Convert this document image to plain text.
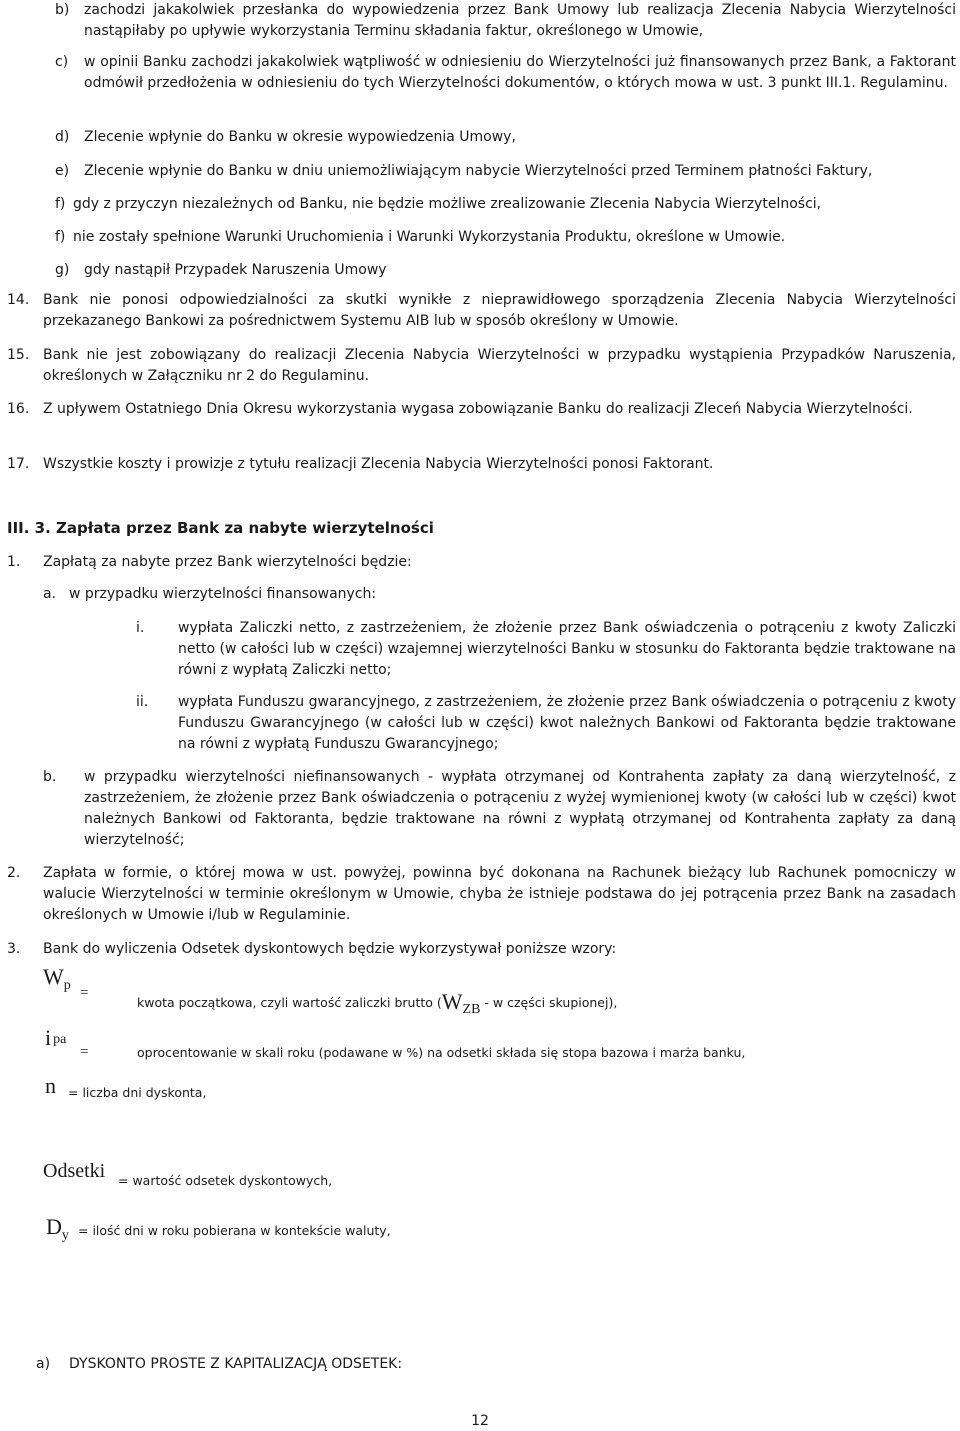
b) zachodzi jakakolwiek przesłanka do wypowiedzenia przez Bank Umowy lub realizacja Zlecenia Nabycia Wierzytelności nastąpiłaby po upływie wykorzystania Terminu składania faktur, określonego w Umowie,
c) w opinii Banku zachodzi jakakolwiek wątpliwość w odniesieniu do Wierzytelności już finansowanych przez Bank, a Faktorant odmówił przedłożenia w odniesieniu do tych Wierzytelności dokumentów, o których mowa w ust. 3 punkt III.1. Regulaminu.
d) Zlecenie wpłynie do Banku w okresie wypowiedzenia Umowy,
e) Zlecenie wpłynie do Banku w dniu uniemożliwiającym nabycie Wierzytelności przed Terminem płatności Faktury,
f) gdy z przyczyn niezależnych od Banku, nie będzie możliwe zrealizowanie Zlecenia Nabycia Wierzytelności,
f) nie zostały spełnione Warunki Uruchomienia i Warunki Wykorzystania Produktu, określone w Umowie.
g) gdy nastąpił Przypadek Naruszenia Umowy
14. Bank nie ponosi odpowiedzialności za skutki wynikłe z nieprawidłowego sporządzenia Zlecenia Nabycia Wierzytelności przekazanego Bankowi za pośrednictwem Systemu AIB lub w sposób określony w Umowie.
15. Bank nie jest zobowiązany do realizacji Zlecenia Nabycia Wierzytelności w przypadku wystąpienia Przypadków Naruszenia, określonych w Załączniku nr 2 do Regulaminu.
16. Z upływem Ostatniego Dnia Okresu wykorzystania wygasa zobowiązanie Banku do realizacji Zleceń Nabycia Wierzytelności.
17. Wszystkie koszty i prowizje z tytułu realizacji Zlecenia Nabycia Wierzytelności ponosi Faktorant.
III. 3. Zapłata przez Bank za nabyte wierzytelności
1. Zapłatą za nabyte przez Bank wierzytelności będzie:
a. w przypadku wierzytelności finansowanych:
i. wypłata Zaliczki netto, z zastrzeżeniem, że złożenie przez Bank oświadczenia o potrąceniu z kwoty Zaliczki netto (w całości lub w części) wzajemnej wierzytelności Banku w stosunku do Faktoranta będzie traktowane na równi z wypłatą Zaliczki netto;
ii. wypłata Funduszu gwarancyjnego, z zastrzeżeniem, że złożenie przez Bank oświadczenia o potrąceniu z kwoty Funduszu Gwarancyjnego (w całości lub w części) kwot należnych Bankowi od Faktoranta będzie traktowane na równi z wypłatą Funduszu Gwarancyjnego;
b. w przypadku wierzytelności niefinansowanych - wypłata otrzymanej od Kontrahenta zapłaty za daną wierzytelność, z zastrzeżeniem, że złożenie przez Bank oświadczenia o potrąceniu z wyżej wymienionej kwoty (w całości lub w części) kwot należnych Bankowi od Faktoranta, będzie traktowane na równi z wypłatą otrzymanej od Kontrahenta zapłaty za daną wierzytelność;
2. Zapłata w formie, o której mowa w ust. powyżej, powinna być dokonana na Rachunek bieżący lub Rachunek pomocniczy w walucie Wierzytelności w terminie określonym w Umowie, chyba że istnieje podstawa do jej potrącenia przez Bank na zasadach określonych w Umowie i/lub w Regulaminie.
3. Bank do wyliczenia Odsetek dyskontowych będzie wykorzystywał poniższe wzory:
$W_p$ =
kwota początkowa, czyli wartość zaliczki brutto (WZB - w części skupionej),
ipa
=	oprocentowanie w skali roku (podawane w %) na odsetki składa się stopa bazowa i marża banku,
n = liczba dni dyskonta,
Odsetki = wartość odsetek dyskontowych,
$D_y$ = ilość dni w roku pobierana w kontekście waluty,
a) DYSKONTO PROSTE Z KAPITALIZACJĄ ODSETEK:
12
